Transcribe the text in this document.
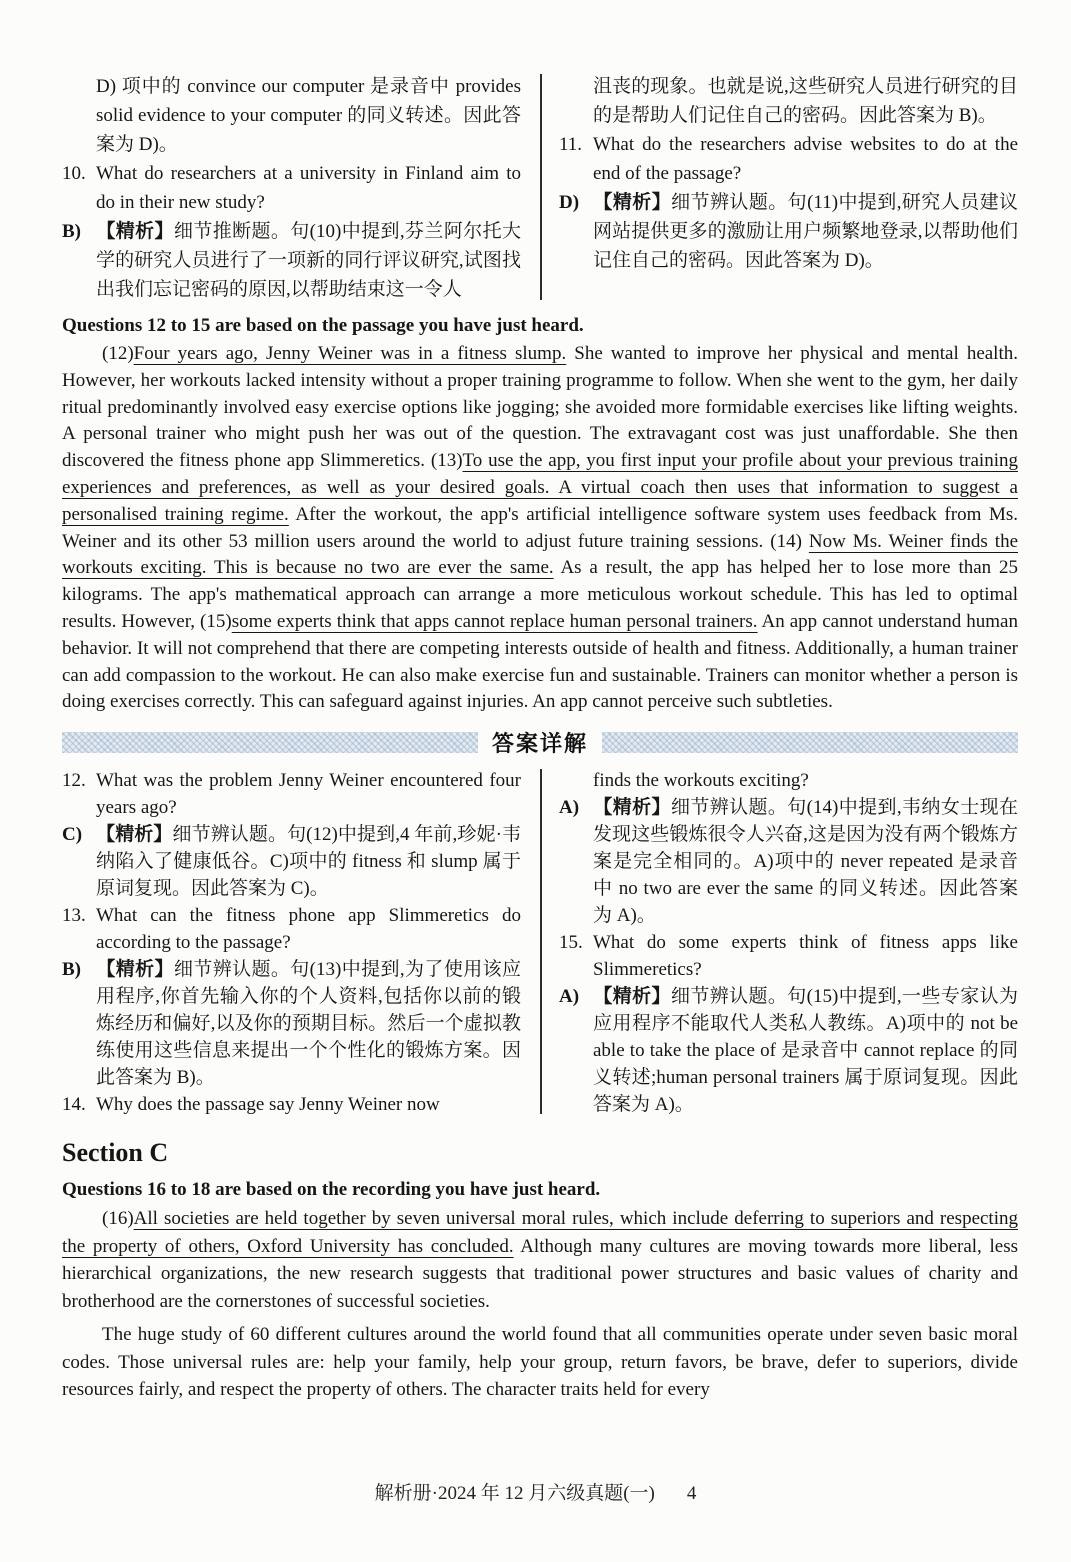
D) 项中的 convince our computer 是录音中 provides solid evidence to your computer 的同义转述。因此答案为 D)。
10. What do researchers at a university in Finland aim to do in their new study?
B) 【精析】细节推断题。句(10)中提到,芬兰阿尔托大学的研究人员进行了一项新的同行评议研究,试图找出我们忘记密码的原因,以帮助结束这一令人
沮丧的现象。也就是说,这些研究人员进行研究的目的是帮助人们记住自己的密码。因此答案为 B)。
11. What do the researchers advise websites to do at the end of the passage?
D) 【精析】细节辨认题。句(11)中提到,研究人员建议网站提供更多的激励让用户频繁地登录,以帮助他们记住自己的密码。因此答案为 D)。
Questions 12 to 15 are based on the passage you have just heard.

(12)Four years ago, Jenny Weiner was in a fitness slump. She wanted to improve her physical and mental health. However, her workouts lacked intensity without a proper training programme to follow. When she went to the gym, her daily ritual predominantly involved easy exercise options like jogging; she avoided more formidable exercises like lifting weights. A personal trainer who might push her was out of the question. The extravagant cost was just unaffordable. She then discovered the fitness phone app Slimmeretics. (13)To use the app, you first input your profile about your previous training experiences and preferences, as well as your desired goals. A virtual coach then uses that information to suggest a personalised training regime. After the workout, the app's artificial intelligence software system uses feedback from Ms. Weiner and its other 53 million users around the world to adjust future training sessions. (14) Now Ms. Weiner finds the workouts exciting. This is because no two are ever the same. As a result, the app has helped her to lose more than 25 kilograms. The app's mathematical approach can arrange a more meticulous workout schedule. This has led to optimal results. However, (15)some experts think that apps cannot replace human personal trainers. An app cannot understand human behavior. It will not comprehend that there are competing interests outside of health and fitness. Additionally, a human trainer can add compassion to the workout. He can also make exercise fun and sustainable. Trainers can monitor whether a person is doing exercises correctly. This can safeguard against injuries. An app cannot perceive such subtleties.

答案详解
12. What was the problem Jenny Weiner encountered four years ago?
C) 【精析】细节辨认题。句(12)中提到,4 年前,珍妮·韦纳陷入了健康低谷。C)项中的 fitness 和 slump 属于原词复现。因此答案为 C)。
13. What can the fitness phone app Slimmeretics do according to the passage?
B) 【精析】细节辨认题。句(13)中提到,为了使用该应用程序,你首先输入你的个人资料,包括你以前的锻炼经历和偏好,以及你的预期目标。然后一个虚拟教练使用这些信息来提出一个个性化的锻炼方案。因此答案为 B)。
14. Why does the passage say Jenny Weiner now
finds the workouts exciting?
A) 【精析】细节辨认题。句(14)中提到,韦纳女士现在发现这些锻炼很令人兴奋,这是因为没有两个锻炼方案是完全相同的。A)项中的 never repeated 是录音中 no two are ever the same 的同义转述。因此答案为 A)。
15. What do some experts think of fitness apps like Slimmeretics?
A) 【精析】细节辨认题。句(15)中提到,一些专家认为应用程序不能取代人类私人教练。A)项中的 not be able to take the place of 是录音中 cannot replace 的同义转述;human personal trainers 属于原词复现。因此答案为 A)。
Section C
Questions 16 to 18 are based on the recording you have just heard.

(16)All societies are held together by seven universal moral rules, which include deferring to superiors and respecting the property of others, Oxford University has concluded. Although many cultures are moving towards more liberal, less hierarchical organizations, the new research suggests that traditional power structures and basic values of charity and brotherhood are the cornerstones of successful societies.

The huge study of 60 different cultures around the world found that all communities operate under seven basic moral codes. Those universal rules are: help your family, help your group, return favors, be brave, defer to superiors, divide resources fairly, and respect the property of others. The character traits held for every

解析册·2024 年 12 月六级真题(一) 4
